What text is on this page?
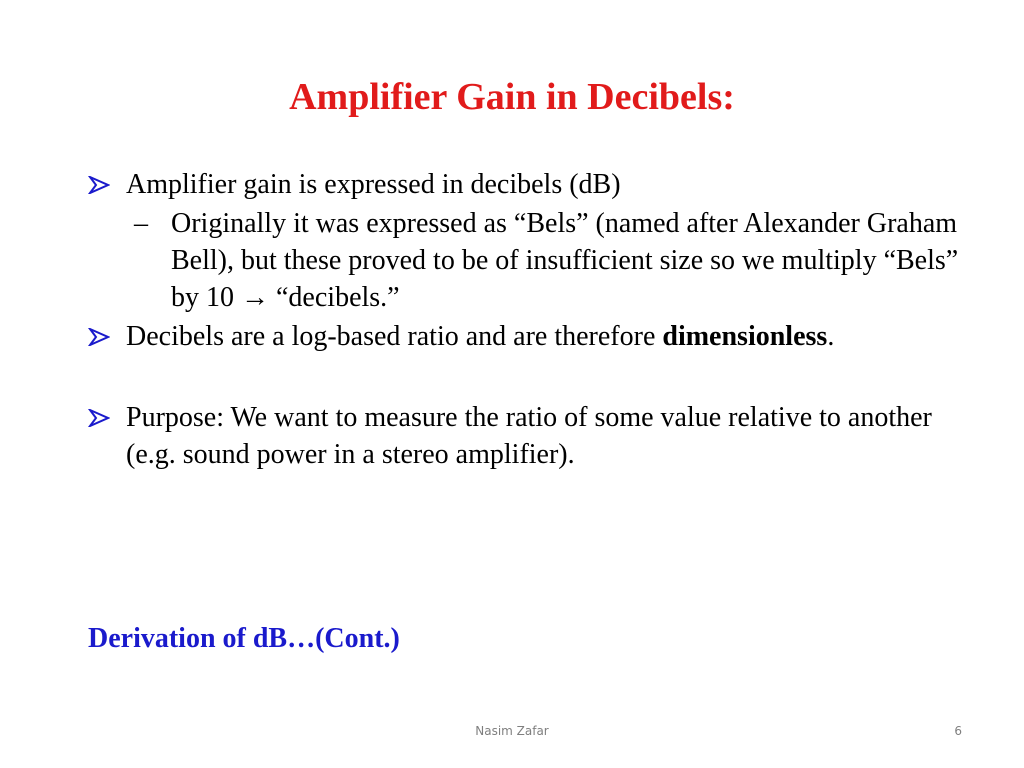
Amplifier Gain in Decibels:
Amplifier gain is expressed in decibels (dB)
– Originally it was expressed as “Bels” (named after Alexander Graham Bell), but these proved to be of insufficient size so we multiply “Bels” by 10 → “decibels.”
Decibels are a log-based ratio and are therefore dimensionless.
Purpose: We want to measure the ratio of some value relative to another (e.g. sound power in a stereo amplifier).
Derivation of dB…(Cont.)
Nasim Zafar	6
